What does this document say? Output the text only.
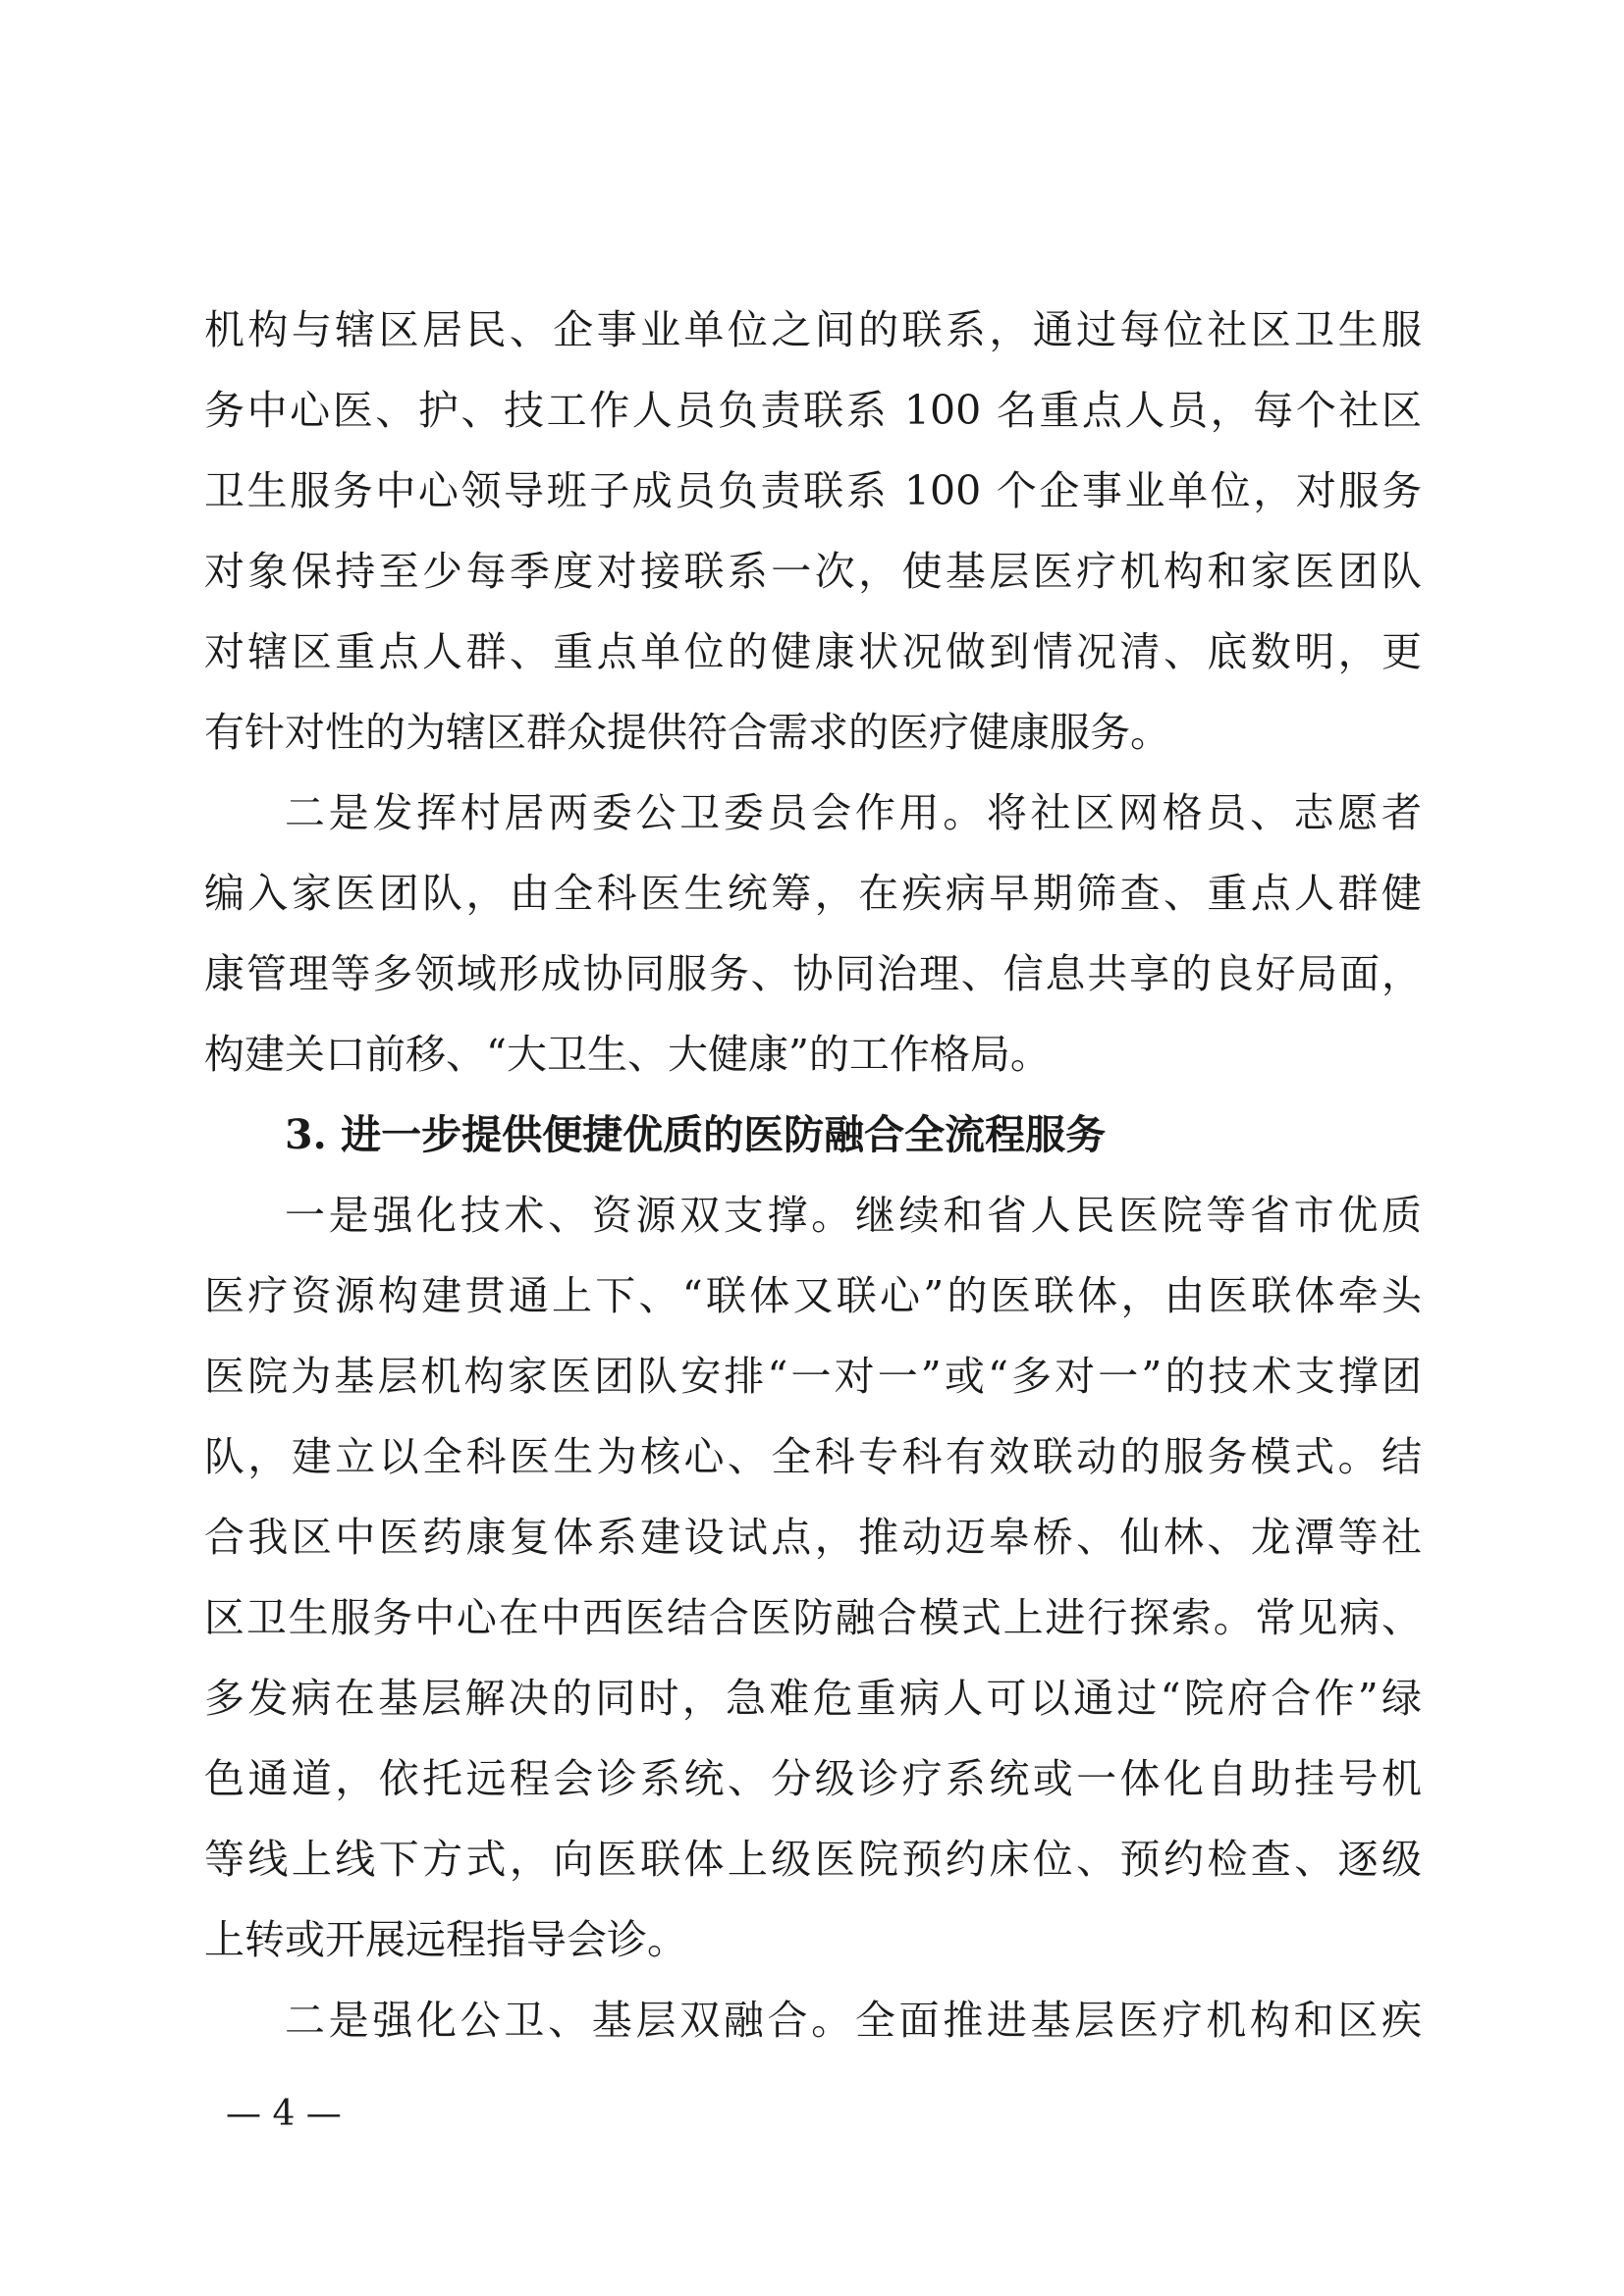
机构与辖区居民、企事业单位之间的联系，通过每位社区卫生服
务中心医、护、技工作人员负责联系 100 名重点人员，每个社区
卫生服务中心领导班子成员负责联系 100 个企事业单位，对服务
对象保持至少每季度对接联系一次，使基层医疗机构和家医团队
对辖区重点人群、重点单位的健康状况做到情况清、底数明，更
有针对性的为辖区群众提供符合需求的医疗健康服务。
二是发挥村居两委公卫委员会作用。将社区网格员、志愿者
编入家医团队，由全科医生统筹，在疾病早期筛查、重点人群健
康管理等多领域形成协同服务、协同治理、信息共享的良好局面，
构建关口前移、“大卫生、大健康”的工作格局。
3. 进一步提供便捷优质的医防融合全流程服务
一是强化技术、资源双支撑。继续和省人民医院等省市优质
医疗资源构建贯通上下、“联体又联心”的医联体，由医联体牵头
医院为基层机构家医团队安排“一对一”或“多对一”的技术支撑团
队，建立以全科医生为核心、全科专科有效联动的服务模式。结
合我区中医药康复体系建设试点，推动迈皋桥、仙林、龙潭等社
区卫生服务中心在中西医结合医防融合模式上进行探索。常见病、
多发病在基层解决的同时，急难危重病人可以通过“院府合作”绿
色通道，依托远程会诊系统、分级诊疗系统或一体化自助挂号机
等线上线下方式，向医联体上级医院预约床位、预约检查、逐级
上转或开展远程指导会诊。
二是强化公卫、基层双融合。全面推进基层医疗机构和区疾
— 4 —
